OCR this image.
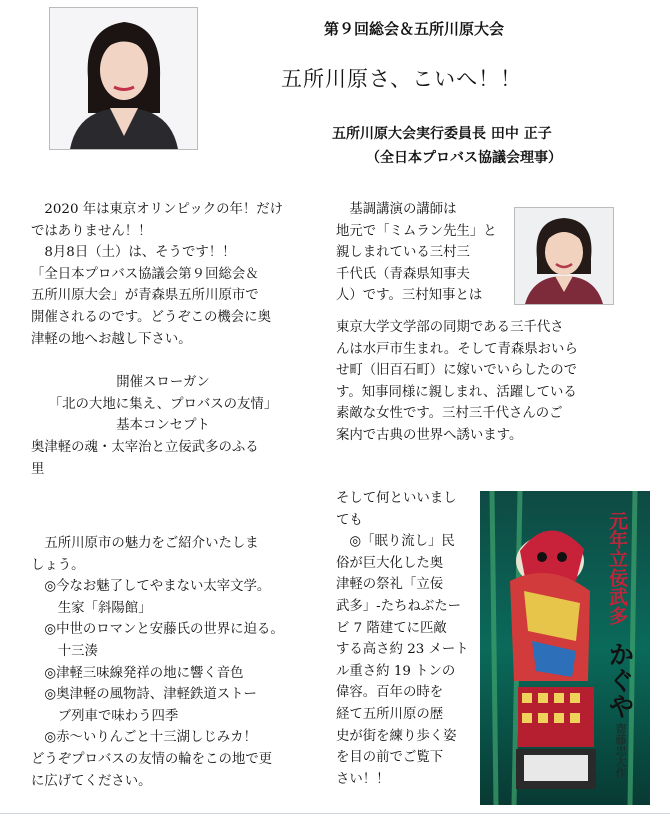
第９回総会＆五所川原大会
五所川原さ、こいへ！！
五所川原大会実行委員長 田中 正子
（全日本プロバス協議会理事）
　2020 年は東京オリンピックの年！だけ
ではありません！！
　8月8日（土）は、そうです！！
「全日本プロバス協議会第９回総会＆
五所川原大会」が青森県五所川原市で
開催されるのです。どうぞこの機会に奥
津軽の地へお越し下さい。
開催スローガン
「北の大地に集え、プロバスの友情」
基本コンセプト
奥津軽の魂・太宰治と立佞武多のふる
里
　五所川原市の魅力をご紹介いたしま
しょう。
　◎今なお魅了してやまない太宰文学。
　　生家「斜陽館」
　◎中世のロマンと安藤氏の世界に迫る。
　　十三湊
　◎津軽三味線発祥の地に響く音色
　◎奥津軽の風物詩、津軽鉄道ストー
　　ブ列車で味わう四季
　◎赤～いりんごと十三湖しじみカ！
どうぞプロバスの友情の輪をこの地で更
に広げてください。
　基調講演の講師は
地元で「ミムラン先生」と
親しまれている三村三
千代氏（青森県知事夫
人）です。三村知事とは
東京大学文学部の同期である三千代さ
んは水戸市生まれ。そして青森県おいら
せ町（旧百石町）に嫁いでいらしたので
す。知事同様に親しまれ、活躍している
素敵な女性です。三村三千代さんのご
案内で古典の世界へ誘います。
そして何といいまし
ても
　◎「眠り流し」民
俗が巨大化した奥
津軽の祭礼「立佞
武多」-たちねぶたー
ビ 7 階建てに匹敵
する高さ約 23 メート
ル重さ約 19 トンの
偉容。百年の時を
経て五所川原の歴
史が街を練り歩く姿
を目の前でご覧下
さい！！
元年立佞武多
かぐや
齋藤忠大作
